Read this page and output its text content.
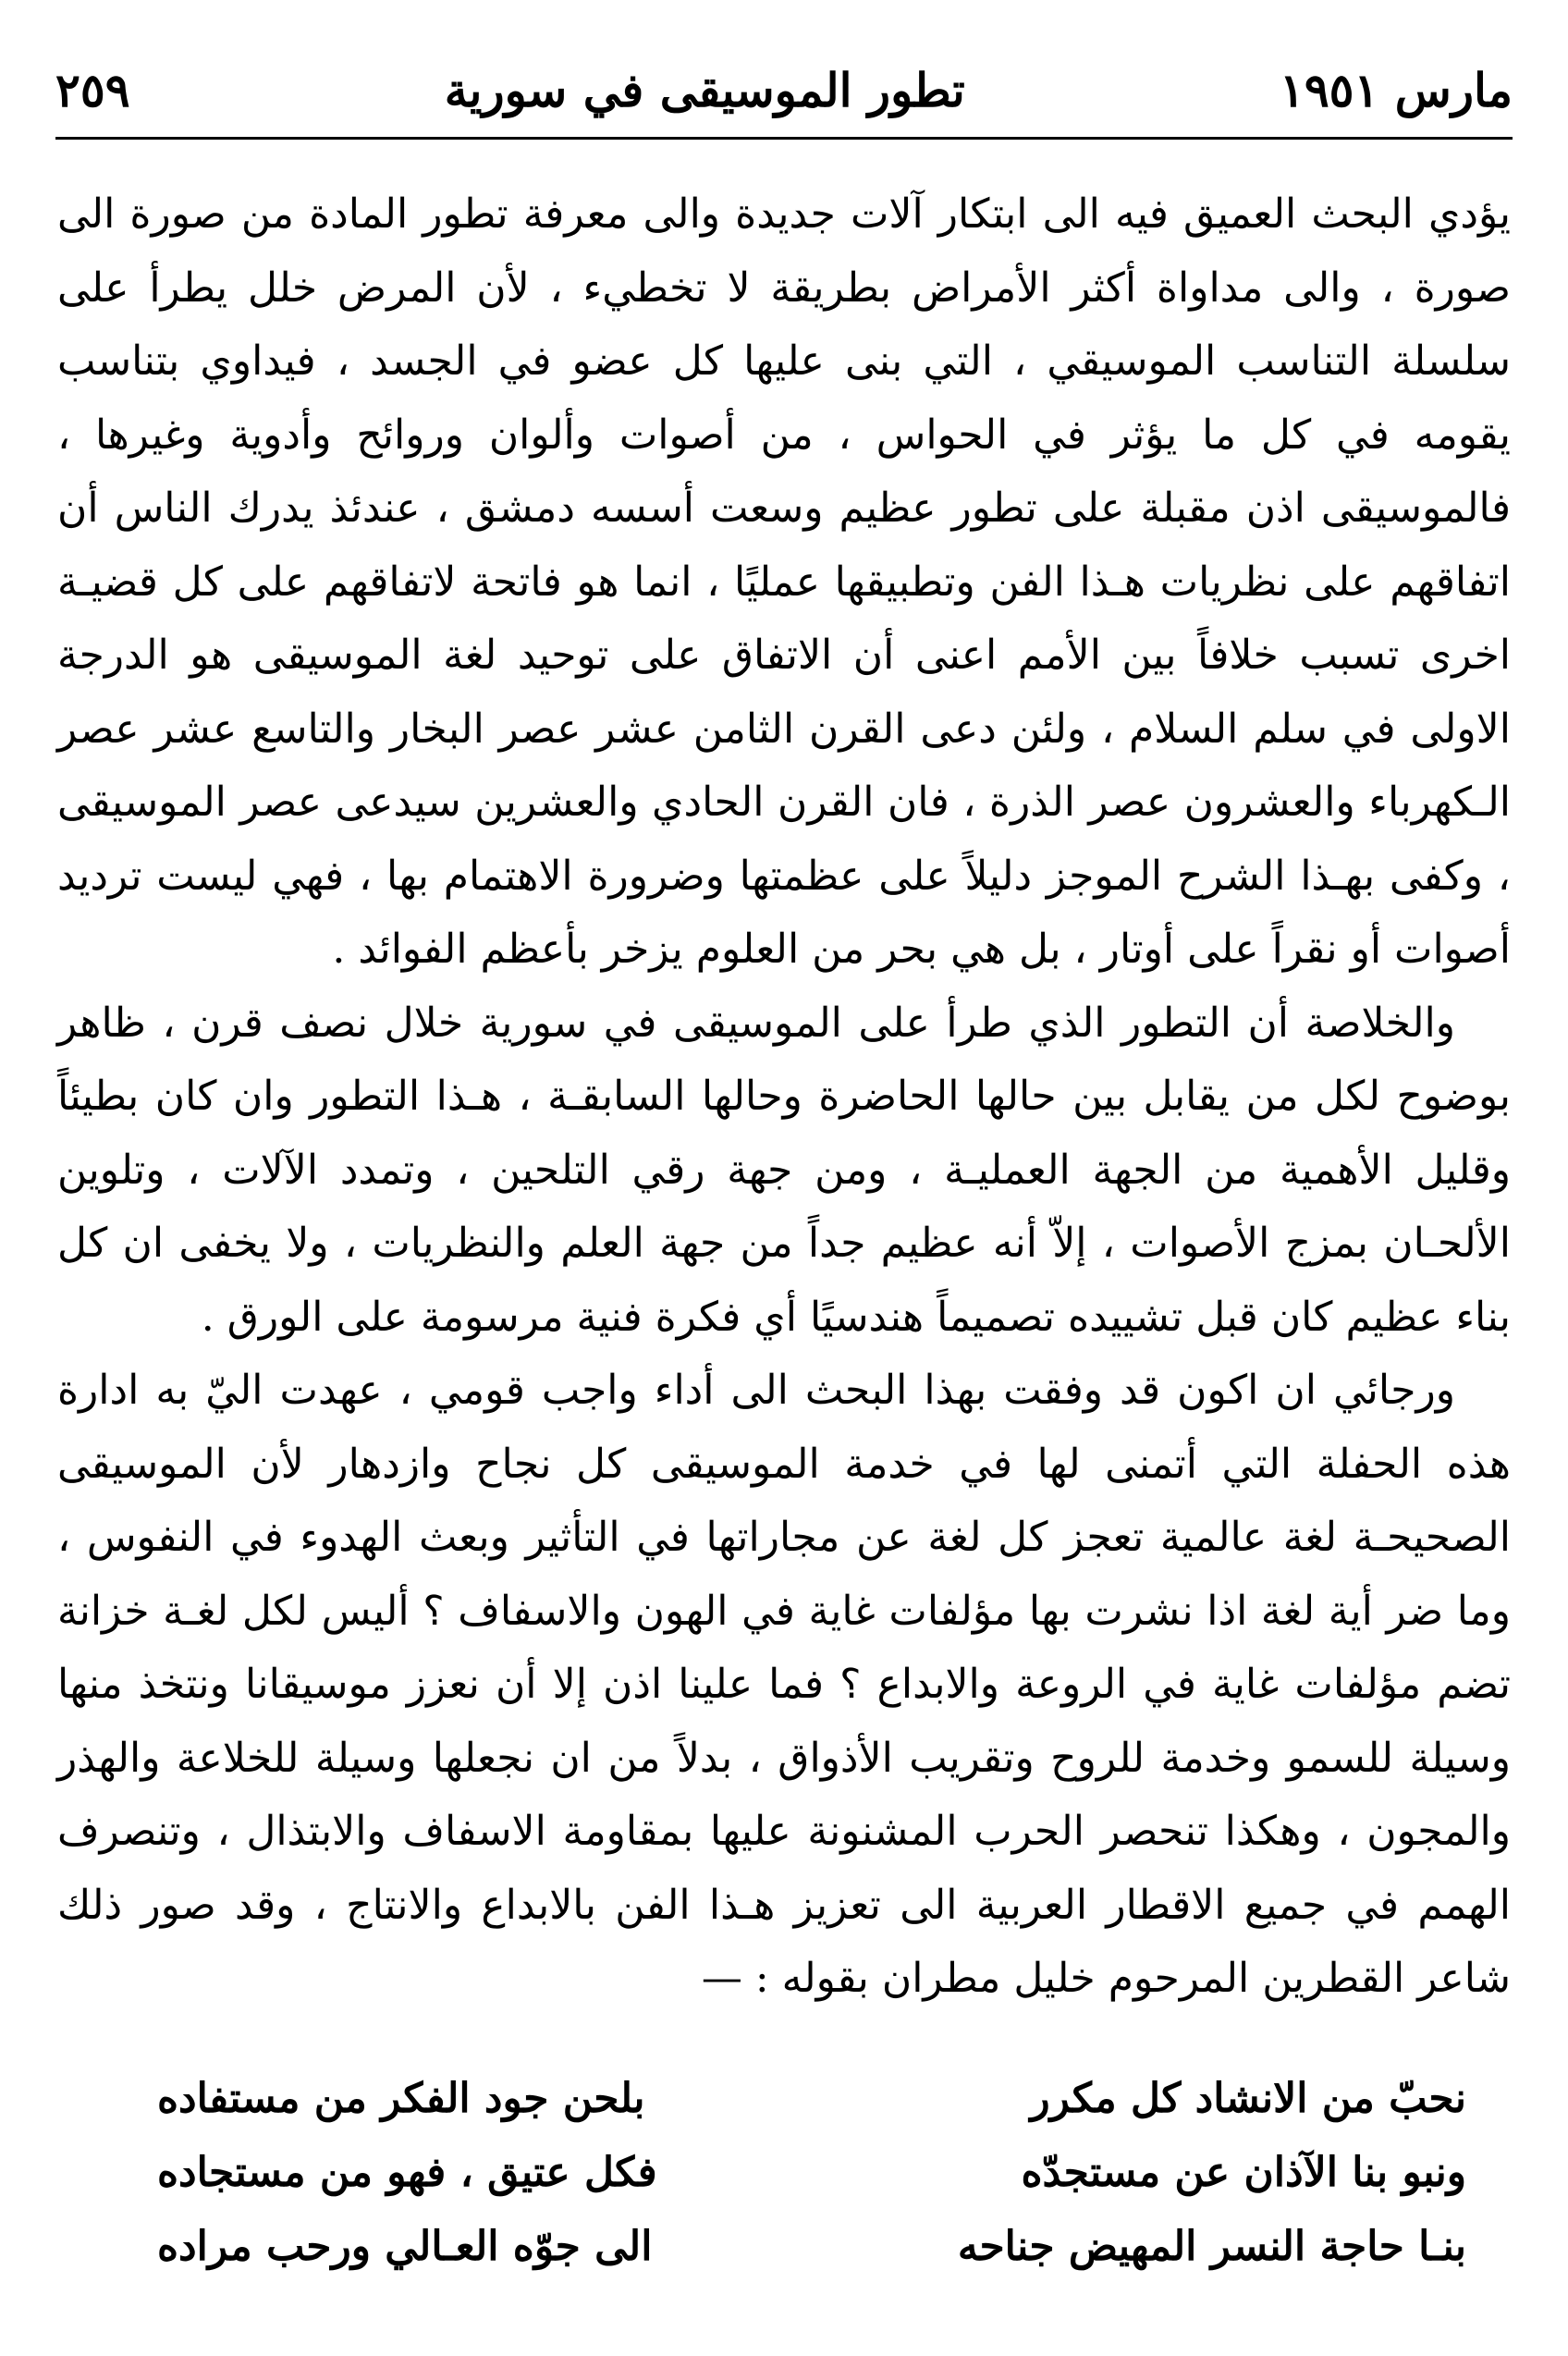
مارس ١٩٥١
تطور الموسيقى في سورية
٢٥٩

يؤدي البحث العميق فيه الى ابتكار آلات جديدة والى معرفة تطور المادة من صورة الى صورة ، والى مداواة أكثر الأمراض بطريقة لا تخطيء ، لأن المرض خلل يطرأ على سلسلة التناسب الموسيقي ، التي بنى عليها كل عضو في الجسد ، فيداوي بتناسب يقومه في كل ما يؤثر في الحواس ، من أصوات وألوان وروائح وأدوية وغيرها ، فالموسيقى اذن مقبلة على تطور عظيم وسعت أسسه دمشق ، عندئذ يدرك الناس أن اتفاقهم على نظريات هـذا الفن وتطبيقها عمليًا ، انما هو فاتحة لاتفاقهم على كل قضيـة اخرى تسبب خلافاً بين الأمم اعنى أن الاتفاق على توحيد لغة الموسيقى هو الدرجة الاولى في سلم السلام ، ولئن دعى القرن الثامن عشر عصر البخار والتاسع عشر عصر الـكهرباء والعشرون عصر الذرة ، فان القرن الحادي والعشرين سيدعى عصر الموسيقى ، وكفى بهـذا الشرح الموجز دليلاً على عظمتها وضرورة الاهتمام بها ، فهي ليست ترديد أصوات أو نقراً على أوتار ، بل هي بحر من العلوم يزخر بأعظم الفوائد .

والخلاصة أن التطور الذي طرأ على الموسيقى في سورية خلال نصف قرن ، ظاهر بوضوح لكل من يقابل بين حالها الحاضرة وحالها السابقـة ، هـذا التطور وان كان بطيئاً وقليل الأهمية من الجهة العمليـة ، ومن جهة رقي التلحين ، وتمدد الآلات ، وتلوين الألحـان بمزج الأصوات ، إلاّ أنه عظيم جداً من جهة العلم والنظريات ، ولا يخفى ان كل بناء عظيم كان قبل تشييده تصميماً هندسيًا أي فكرة فنية مرسومة على الورق .

ورجائي ان اكون قد وفقت بهذا البحث الى أداء واجب قومي ، عهدت اليّ به ادارة هذه الحفلة التي أتمنى لها في خدمة الموسيقى كل نجاح وازدهار لأن الموسيقى الصحيحـة لغة عالمية تعجز كل لغة عن مجاراتها في التأثير وبعث الهدوء في النفوس ، وما ضر أية لغة اذا نشرت بها مؤلفات غاية في الهون والاسفاف ؟ أليس لكل لغـة خزانة تضم مؤلفات غاية في الروعة والابداع ؟ فما علينا اذن إلا أن نعزز موسيقانا ونتخذ منها وسيلة للسمو وخدمة للروح وتقريب الأذواق ، بدلاً من ان نجعلها وسيلة للخلاعة والهذر والمجون ، وهكذا تنحصر الحرب المشنونة عليها بمقاومة الاسفاف والابتذال ، وتنصرف الهمم في جميع الاقطار العربية الى تعزيز هـذا الفن بالابداع والانتاج ، وقد صور ذلك شاعر القطرين المرحوم خليل مطران بقوله : —

نحبّ من الانشاد كل مكرر
بلحن جود الفكر من مستفاده
ونبو بنا الآذان عن مستجدّه
فكل عتيق ، فهو من مستجاده
بنـا حاجة النسر المهيض جناحه
الى جوّه العـالي ورحب مراده
